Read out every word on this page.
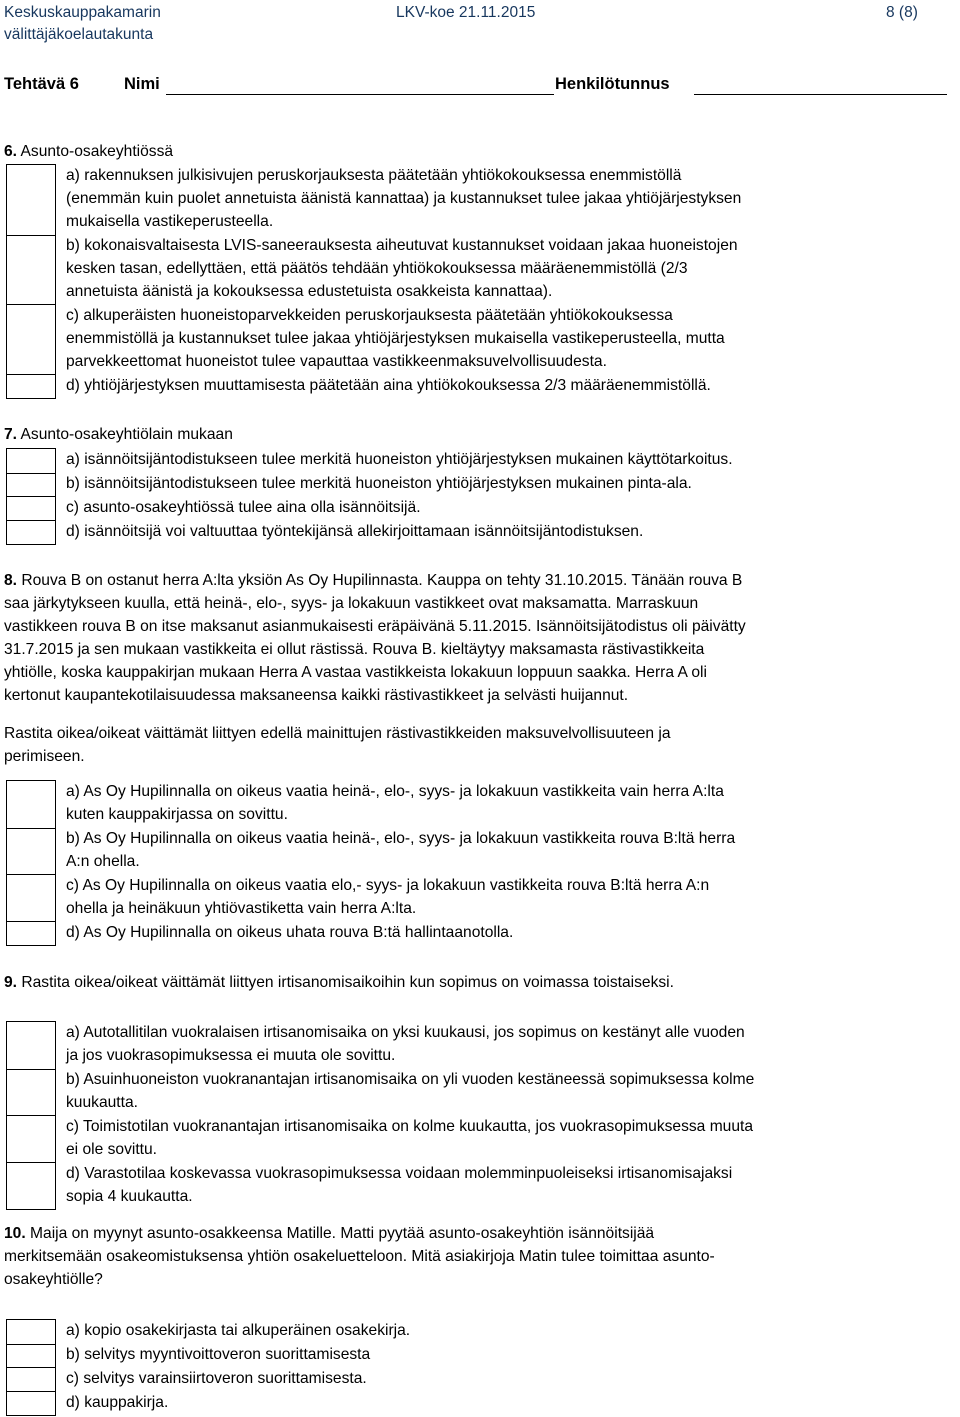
Keskuskauppakamarin
välittäjäkoelautakunta
LKV-koe 21.11.2015	8 (8)
Tehtävä 6	Nimi	Henkilötunnus
6. Asunto-osakeyhtiössä
a) rakennuksen julkisivujen peruskorjauksesta päätetään yhtiökokouksessa enemmistöllä
(enemmän kuin puolet annetuista äänistä kannattaa) ja kustannukset tulee jakaa yhtiöjärjestyksen
mukaisella vastikeperusteella.
b) kokonaisvaltaisesta LVIS-saneerauksesta aiheutuvat kustannukset voidaan jakaa huoneistojen
kesken tasan, edellyttäen, että päätös tehdään yhtiökokouksessa määräenemmistöllä (2/3
annetuista äänistä ja kokouksessa edustetuista osakkeista kannattaa).
c) alkuperäisten huoneistoparvekkeiden peruskorjauksesta päätetään yhtiökokouksessa
enemmistöllä ja kustannukset tulee jakaa yhtiöjärjestyksen mukaisella vastikeperusteella, mutta
parvekkeettomat huoneistot tulee vapauttaa vastikkeenmaksuvelvollisuudesta.
d) yhtiöjärjestyksen muuttamisesta päätetään aina yhtiökokouksessa 2/3 määräenemmistöllä.
7. Asunto-osakeyhtiölain mukaan
a) isännöitsijäntodistukseen tulee merkitä huoneiston yhtiöjärjestyksen mukainen käyttötarkoitus.
b) isännöitsijäntodistukseen tulee merkitä huoneiston yhtiöjärjestyksen mukainen pinta-ala.
c) asunto-osakeyhtiössä tulee aina olla isännöitsijä.
d) isännöitsijä voi valtuuttaa työntekijänsä allekirjoittamaan isännöitsijäntodistuksen.
8. Rouva B on ostanut herra A:lta yksiön As Oy Hupilinnasta. Kauppa on tehty 31.10.2015. Tänään rouva B
saa järkytykseen kuulla, että heinä-, elo-, syys- ja lokakuun vastikkeet ovat maksamatta. Marraskuun
vastikkeen rouva B on itse maksanut asianmukaisesti eräpäivänä 5.11.2015. Isännöitsijätodistus oli päivätty
31.7.2015 ja sen mukaan vastikkeita ei ollut rästissä. Rouva B. kieltäytyy maksamasta rästivastikkeita
yhtiölle, koska kauppakirjan mukaan Herra A vastaa vastikkeista lokakuun loppuun saakka. Herra A oli
kertonut kaupantekotilaisuudessa maksaneensa kaikki rästivastikkeet ja selvästi huijannut.
Rastita oikea/oikeat väittämät liittyen edellä mainittujen rästivastikkeiden maksuvelvollisuuteen ja
perimiseen.
a) As Oy Hupilinnalla on oikeus vaatia heinä-, elo-, syys- ja lokakuun vastikkeita vain herra A:lta
kuten kauppakirjassa on sovittu.
b) As Oy Hupilinnalla on oikeus vaatia heinä-, elo-, syys- ja lokakuun vastikkeita rouva B:ltä herra
A:n ohella.
c) As Oy Hupilinnalla on oikeus vaatia elo,- syys- ja lokakuun vastikkeita rouva B:ltä herra A:n
ohella ja heinäkuun yhtiövastiketta vain herra A:lta.
d) As Oy Hupilinnalla on oikeus uhata rouva B:tä hallintaanotolla.
9. Rastita oikea/oikeat väittämät liittyen irtisanomisaikoihin kun sopimus on voimassa toistaiseksi.
a) Autotallitilan vuokralaisen irtisanomisaika on yksi kuukausi, jos sopimus on kestänyt alle vuoden
ja jos vuokrasopimuksessa ei muuta ole sovittu.
b) Asuinhuoneiston vuokranantajan irtisanomisaika on yli vuoden kestäneessä sopimuksessa kolme
kuukautta.
c) Toimistotilan vuokranantajan irtisanomisaika on kolme kuukautta, jos vuokrasopimuksessa muuta
ei ole sovittu.
d) Varastotilaa koskevassa vuokrasopimuksessa voidaan molemminpuoleiseksi irtisanomisajaksi
sopia 4 kuukautta.
10. Maija on myynyt asunto-osakkeensa Matille. Matti pyytää asunto-osakeyhtiön isännöitsijää
merkitsemään osakeomistuksensa yhtiön osakeluetteloon. Mitä asiakirjoja Matin tulee toimittaa asunto-
osakeyhtiölle?
a) kopio osakekirjasta tai alkuperäinen osakekirja.
b) selvitys myyntivoittoveron suorittamisesta
c) selvitys varainsiirtoveron suorittamisesta.
d) kauppakirja.
